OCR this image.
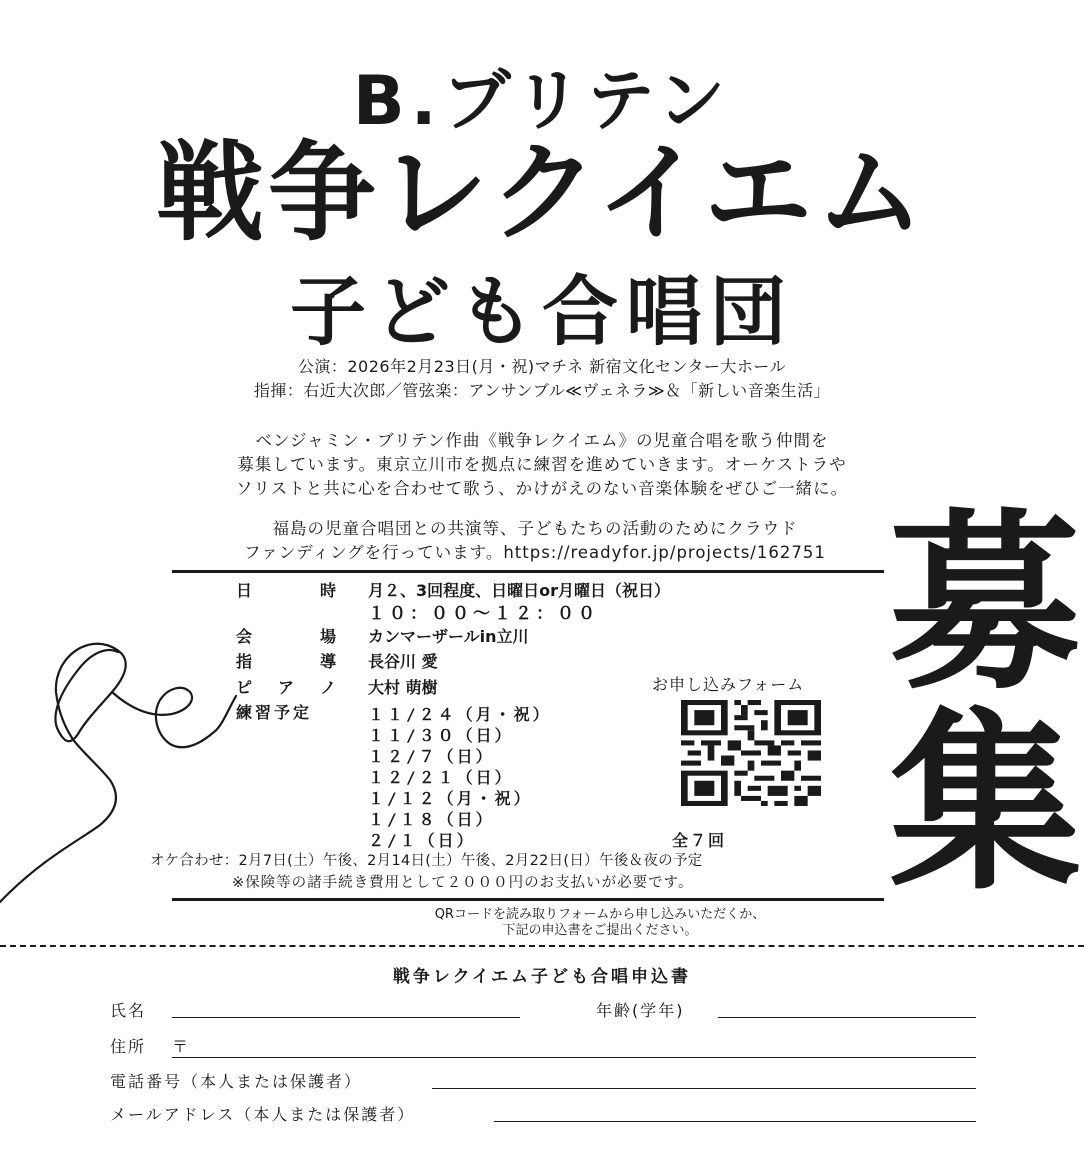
B.ブリテン
戦争レクイエム
子ども合唱団
公演：2026年2月23日(月・祝)マチネ 新宿文化センター大ホール
指揮：右近大次郎／管弦楽：アンサンブル≪ヴェネラ≫＆「新しい音楽生活」
ベンジャミン・ブリテン作曲《戦争レクイエム》の児童合唱を歌う仲間を
募集しています。東京立川市を拠点に練習を進めていきます。オーケストラや
ソリストと共に心を合わせて歌う、かけがえのない音楽体験をぜひご一緒に。
福島の児童合唱団との共演等、子どもたちの活動のためにクラウド
ファンディングを行っています。https://readyfor.jp/projects/162751 募
集
日	時 月２、3回程度、日曜日or月曜日（祝日）
１０：００〜１２：００
会	場 カンマーザールin立川
指	導 長谷川 愛
ピ ア ノ 大村 萌樹
練習予定	１１/２４（月・祝）
１１/３０（日）
１２/７（日）
１２/２１（日）
１/１２（月・祝）
１/１８（日）
２/１（日）
お申し込みフォーム
全７回
オケ合わせ：2月7日(土）午後、2月14日(土）午後、2月22日(日）午後＆夜の予定
※保険等の諸手続き費用として２０００円のお支払いが必要です。
QRコードを読み取りフォームから申し込みいただくか、
下記の申込書をご提出ください。
戦争レクイエム子ども合唱申込書
氏名	年齢(学年)
住所 〒
電話番号（本人または保護者）
メールアドレス（本人または保護者）
